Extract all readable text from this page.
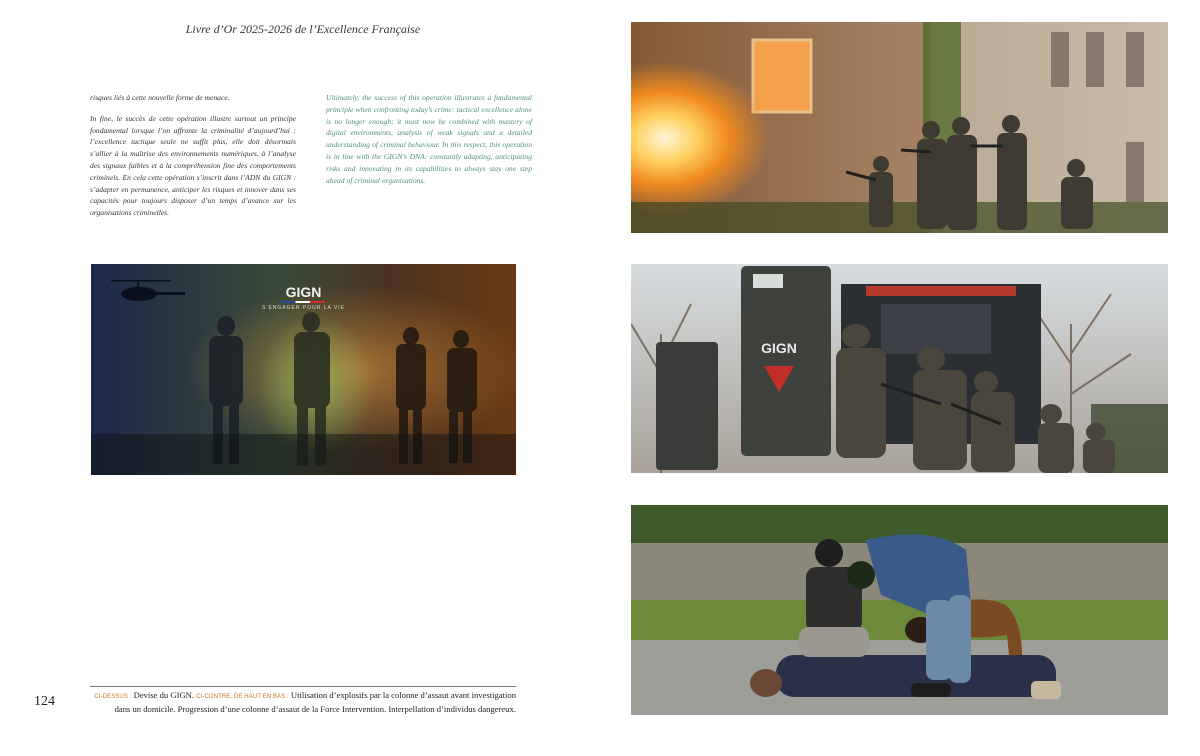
Livre d’Or 2025-2026 de l’Excellence Française

risques liés à cette nouvelle forme de menace.

In fine, le succès de cette opération illustre surtout un principe fondamental lorsque l’on affronte la criminalité d’aujourd’hui : l’excellence tactique seule ne suffit plus, elle doit désormais s’allier à la maîtrise des environnements numériques, à l’analyse des signaux faibles et à la compréhension fine des comportements criminels. En cela cette opération s’inscrit dans l’ADN du GIGN : s’adapter en permanence, anticiper les risques et innover dans ses capacités pour toujours disposer d’un temps d’avance sur les organisations criminelles.

Ultimately, the success of this operation illustrates a fundamental principle when confronting today’s crime: tactical excellence alone is no longer enough; it must now be combined with mastery of digital environments, analysis of weak signals and a detailed understanding of criminal behaviour. In this respect, this operation is in line with the GIGN’s DNA: constantly adapting, anticipating risks and innovating in its capabilities to always stay one step ahead of criminal organisations.

GIGN
S’ENGAGER POUR LA VIE
CI-DESSUS : Devise du GIGN. CI-CONTRE, DE HAUT EN BAS : Utilisation d’explosifs par la colonne d’assaut avant investigation dans un domicile. Progression d’une colonne d’assaut de la Force Intervention. Interpellation d’individus dangereux.
124
GIGN
